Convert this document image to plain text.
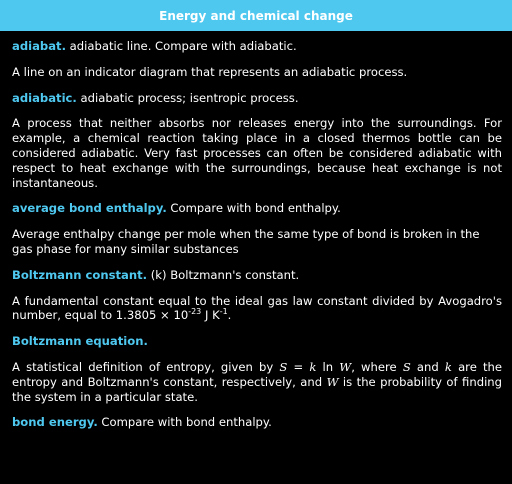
Energy and chemical change

adiabat. adiabatic line. Compare with adiabatic.

A line on an indicator diagram that represents an adiabatic process.

adiabatic. adiabatic process; isentropic process.

A process that neither absorbs nor releases energy into the surroundings. For example, a chemical reaction taking place in a closed thermos bottle can be considered adiabatic. Very fast processes can often be considered adiabatic with respect to heat exchange with the surroundings, because heat exchange is not instantaneous.

average bond enthalpy. Compare with bond enthalpy.

Average enthalpy change per mole when the same type of bond is broken in the gas phase for many similar substances

Boltzmann constant. (k) Boltzmann's constant.

A fundamental constant equal to the ideal gas law constant divided by Avogadro's number, equal to $1.3805 \times 10^{-23}$ J $K^{-1}$.

Boltzmann equation.

A statistical definition of entropy, given by S = k ln W, where S and k are the entropy and Boltzmann's constant, respectively, and W is the probability of finding the system in a particular state.

bond energy. Compare with bond enthalpy.
